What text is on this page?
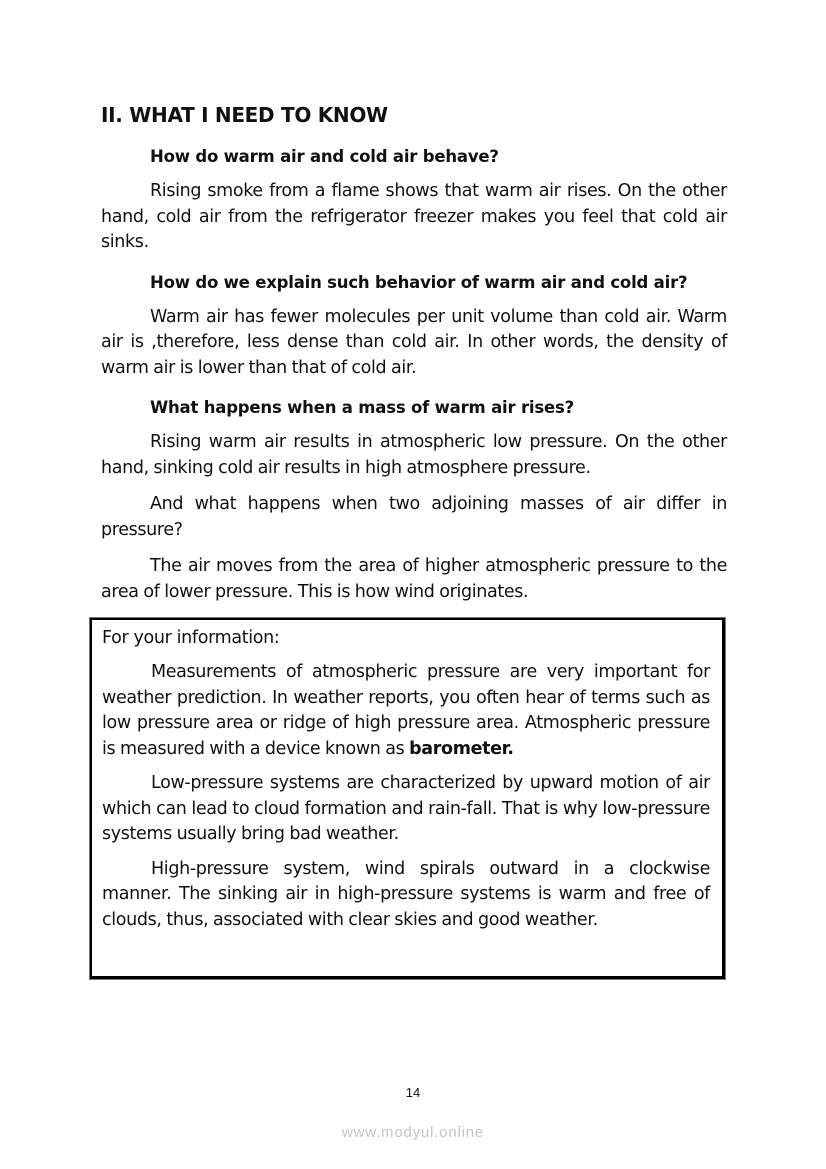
II. WHAT I NEED TO KNOW
How do warm air and cold air behave?

Rising smoke from a flame shows that warm air rises. On the other hand, cold air from the refrigerator freezer makes you feel that cold air sinks.

How do we explain such behavior of warm air and cold air?

Warm air has fewer molecules per unit volume than cold air. Warm air is ,therefore, less dense than cold air. In other words, the density of warm air is lower than that of cold air.

What happens when a mass of warm air rises?

Rising warm air results in atmospheric low pressure. On the other hand, sinking cold air results in high atmosphere pressure.

And what happens when two adjoining masses of air differ in pressure?

The air moves from the area of higher atmospheric pressure to the area of lower pressure. This is how wind originates.

For your information:

Measurements of atmospheric pressure are very important for weather prediction. In weather reports, you often hear of terms such as low pressure area or ridge of high pressure area. Atmospheric pressure is measured with a device known as barometer.

Low-pressure systems are characterized by upward motion of air which can lead to cloud formation and rain-fall. That is why low-pressure systems usually bring bad weather.

High-pressure system, wind spirals outward in a clockwise manner. The sinking air in high-pressure systems is warm and free of clouds, thus, associated with clear skies and good weather.

14
www.modyul.online
